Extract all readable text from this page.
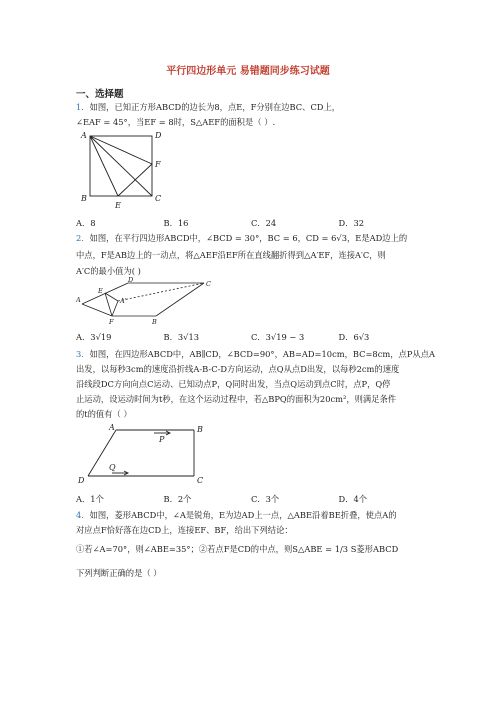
平行四边形单元 易错题同步练习试题
一、选择题
1．如图，已知正方形ABCD的边长为8，点E，F分别在边BC、CD上，
∠EAF = 45°，当EF = 8时，S△AEF的面积是（ ）.
A	D
F
B	C
E
A．8	B．16	C．24	D．32
2．如图，在平行四边形ABCD中，∠BCD = 30°，BC = 6，CD = 6√3，E是AD边上的
中点，F是AB边上的一动点，将△AEF沿EF所在直线翻折得到△A′EF，连接A′C，则
A′C的最小值为( )
A
D	C
E
A'
F	B
A．3√19	B．3√13	C．3√19 − 3	D．6√3
3．如图，在四边形ABCD中，AB∥CD，∠BCD=90°，AB=AD=10cm，BC=8cm，点P从点A
出发，以每秒3cm的速度沿折线A-B-C-D方向运动，点Q从点D出发，以每秒2cm的速度
沿线段DC方向向点C运动、已知动点P，Q同时出发，当点Q运动到点C时，点P，Q停
止运动，设运动时间为t秒，在这个运动过程中，若△BPQ的面积为20cm²，则满足条件
的t的值有（ ）
A	B
C
D
P
Q
A．1个	B．2个	C．3个	D．4个
4．如图，菱形ABCD中，∠A是锐角，E为边AD上一点，△ABE沿着BE折叠，使点A的
对应点F恰好落在边CD上，连接EF、BF，给出下列结论：
①若∠A=70°，则∠ABE=35°；②若点F是CD的中点，则S△ABE = 1/3 S菱形ABCD
下列判断正确的是（ ）
